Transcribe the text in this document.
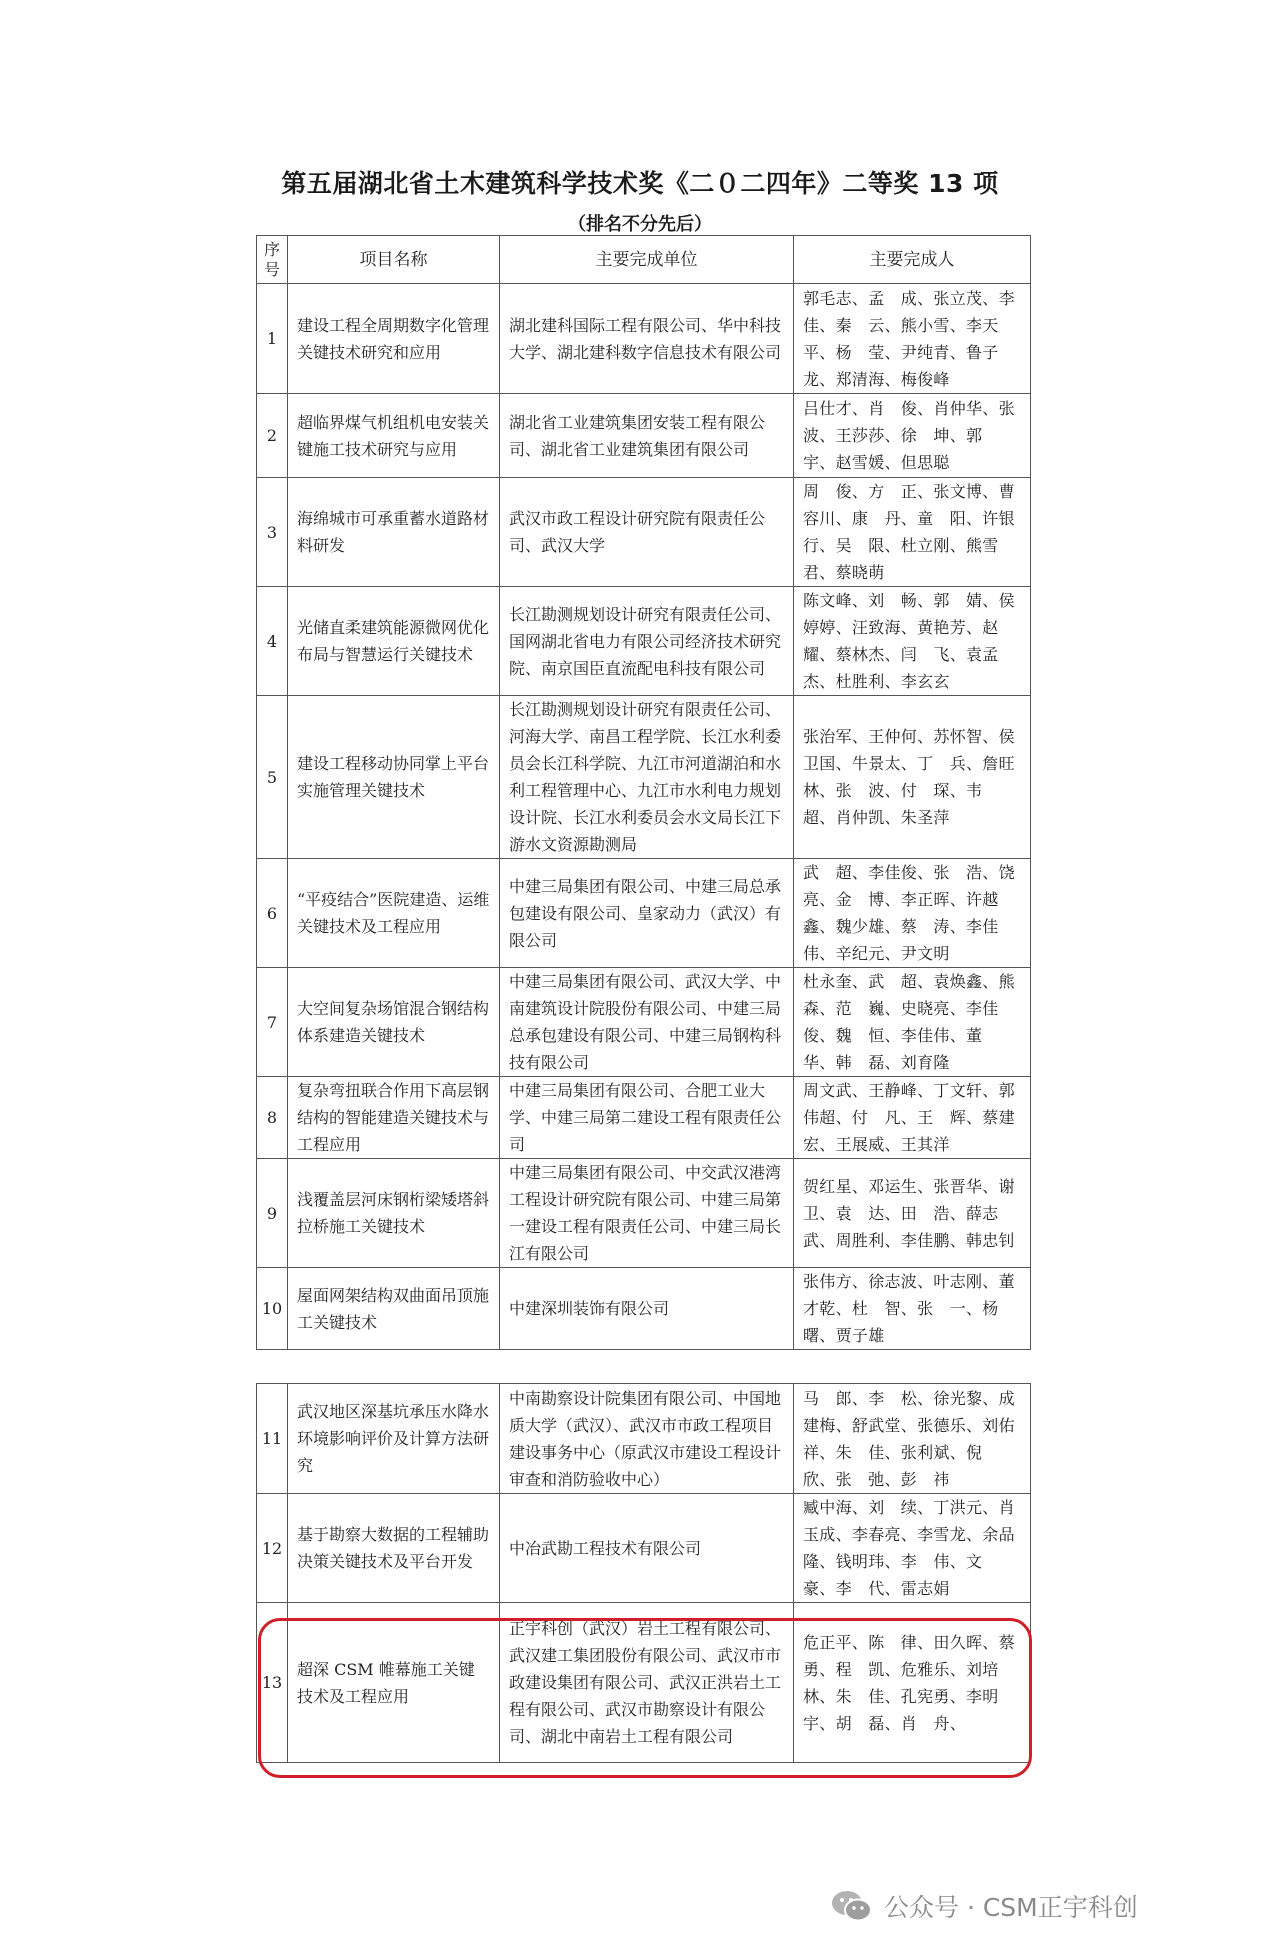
第五届湖北省土木建筑科学技术奖《二０二四年》二等奖 13 项
（排名不分先后）
序号	项目名称	主要完成单位	主要完成人
1	建设工程全周期数字化管理关键技术研究和应用	湖北建科国际工程有限公司、华中科技大学、湖北建科数字信息技术有限公司	郭毛志、孟　成、张立茂、李　佳、秦　云、熊小雪、李天平、杨　莹、尹纯青、鲁子龙、郑清海、梅俊峰
2	超临界煤气机组机电安装关键施工技术研究与应用	湖北省工业建筑集团安装工程有限公司、湖北省工业建筑集团有限公司	吕仕才、肖　俊、肖仲华、张　波、王莎莎、徐　坤、郭　宇、赵雪媛、但思聪
3	海绵城市可承重蓄水道路材料研发	武汉市政工程设计研究院有限责任公司、武汉大学	周　俊、方　正、张文博、曹容川、康　丹、童　阳、许银行、吴　限、杜立刚、熊雪君、蔡晓萌
4	光储直柔建筑能源微网优化布局与智慧运行关键技术	长江勘测规划设计研究有限责任公司、国网湖北省电力有限公司经济技术研究院、南京国臣直流配电科技有限公司	陈文峰、刘　畅、郭　婧、侯婷婷、汪致海、黄艳芳、赵　耀、蔡林杰、闫　飞、袁孟杰、杜胜利、李玄玄
5	建设工程移动协同掌上平台实施管理关键技术	长江勘测规划设计研究有限责任公司、河海大学、南昌工程学院、长江水利委员会长江科学院、九江市河道湖泊和水利工程管理中心、九江市水利电力规划设计院、长江水利委员会水文局长江下游水文资源勘测局	张治军、王仲何、苏怀智、侯卫国、牛景太、丁　兵、詹旺林、张　波、付　琛、韦　超、肖仲凯、朱圣萍
6	“平疫结合”医院建造、运维关键技术及工程应用	中建三局集团有限公司、中建三局总承包建设有限公司、皇家动力（武汉）有限公司	武　超、李佳俊、张　浩、饶　亮、金　博、李正晖、许越鑫、魏少雄、蔡　涛、李佳伟、辛纪元、尹文明
7	大空间复杂场馆混合钢结构体系建造关键技术	中建三局集团有限公司、武汉大学、中南建筑设计院股份有限公司、中建三局总承包建设有限公司、中建三局钢构科技有限公司	杜永奎、武　超、袁焕鑫、熊　森、范　巍、史晓亮、李佳俊、魏　恒、李佳伟、董　华、韩　磊、刘育隆
8	复杂弯扭联合作用下高层钢结构的智能建造关键技术与工程应用	中建三局集团有限公司、合肥工业大学、中建三局第二建设工程有限责任公司	周文武、王静峰、丁文轩、郭伟超、付　凡、王　辉、蔡建宏、王展威、王其洋
9	浅覆盖层河床钢桁梁矮塔斜拉桥施工关键技术	中建三局集团有限公司、中交武汉港湾工程设计研究院有限公司、中建三局第一建设工程有限责任公司、中建三局长江有限公司	贺红星、邓运生、张晋华、谢　卫、袁　达、田　浩、薛志武、周胜利、李佳鹏、韩忠钊
10	屋面网架结构双曲面吊顶施工关键技术	中建深圳装饰有限公司	张伟方、徐志波、叶志刚、董才乾、杜　智、张　一、杨　曙、贾子雄
11	武汉地区深基坑承压水降水环境影响评价及计算方法研究	中南勘察设计院集团有限公司、中国地质大学（武汉）、武汉市市政工程项目建设事务中心（原武汉市建设工程设计审查和消防验收中心）	马　郎、李　松、徐光黎、成建梅、舒武堂、张德乐、刘佑祥、朱　佳、张利斌、倪　欣、张　弛、彭　祎
12	基于勘察大数据的工程辅助决策关键技术及平台开发	中冶武勘工程技术有限公司	臧中海、刘　续、丁洪元、肖玉成、李春亮、李雪龙、余品隆、钱明玮、李　伟、文　豪、李　代、雷志娟
13	超深 CSM 帷幕施工关键技术及工程应用	正宇科创（武汉）岩土工程有限公司、武汉建工集团股份有限公司、武汉市市政建设集团有限公司、武汉正洪岩土工程有限公司、武汉市勘察设计有限公司、湖北中南岩土工程有限公司	危正平、陈　律、田久晖、蔡　勇、程　凯、危雅乐、刘培林、朱　佳、孔宪勇、李明宇、胡　磊、肖　舟、
公众号 · CSM正宇科创
